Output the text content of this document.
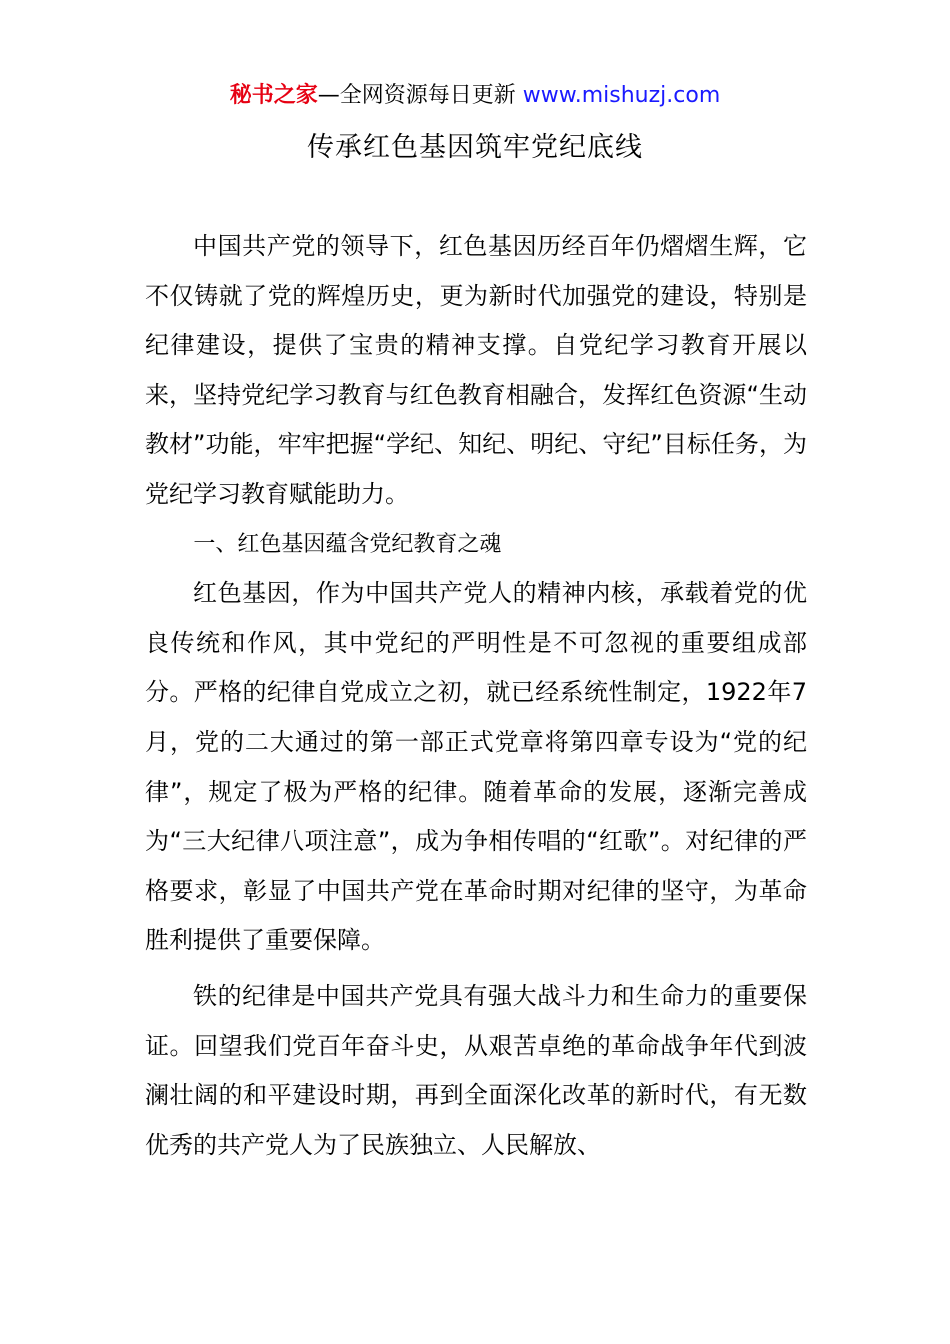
秘书之家—全网资源每日更新 www.mishuzj.com
传承红色基因筑牢党纪底线

中国共产党的领导下，红色基因历经百年仍熠熠生辉，它不仅铸就了党的辉煌历史，更为新时代加强党的建设，特别是纪律建设，提供了宝贵的精神支撑。自党纪学习教育开展以来，坚持党纪学习教育与红色教育相融合，发挥红色资源“生动教材”功能，牢牢把握“学纪、知纪、明纪、守纪”目标任务，为党纪学习教育赋能助力。

一、红色基因蕴含党纪教育之魂

红色基因，作为中国共产党人的精神内核，承载着党的优良传统和作风，其中党纪的严明性是不可忽视的重要组成部分。严格的纪律自党成立之初，就已经系统性制定，1922年7月，党的二大通过的第一部正式党章将第四章专设为“党的纪律”，规定了极为严格的纪律。随着革命的发展，逐渐完善成为“三大纪律八项注意”，成为争相传唱的“红歌”。对纪律的严格要求，彰显了中国共产党在革命时期对纪律的坚守，为革命胜利提供了重要保障。

铁的纪律是中国共产党具有强大战斗力和生命力的重要保证。回望我们党百年奋斗史，从艰苦卓绝的革命战争年代到波澜壮阔的和平建设时期，再到全面深化改革的新时代，有无数优秀的共产党人为了民族独立、人民解放、
